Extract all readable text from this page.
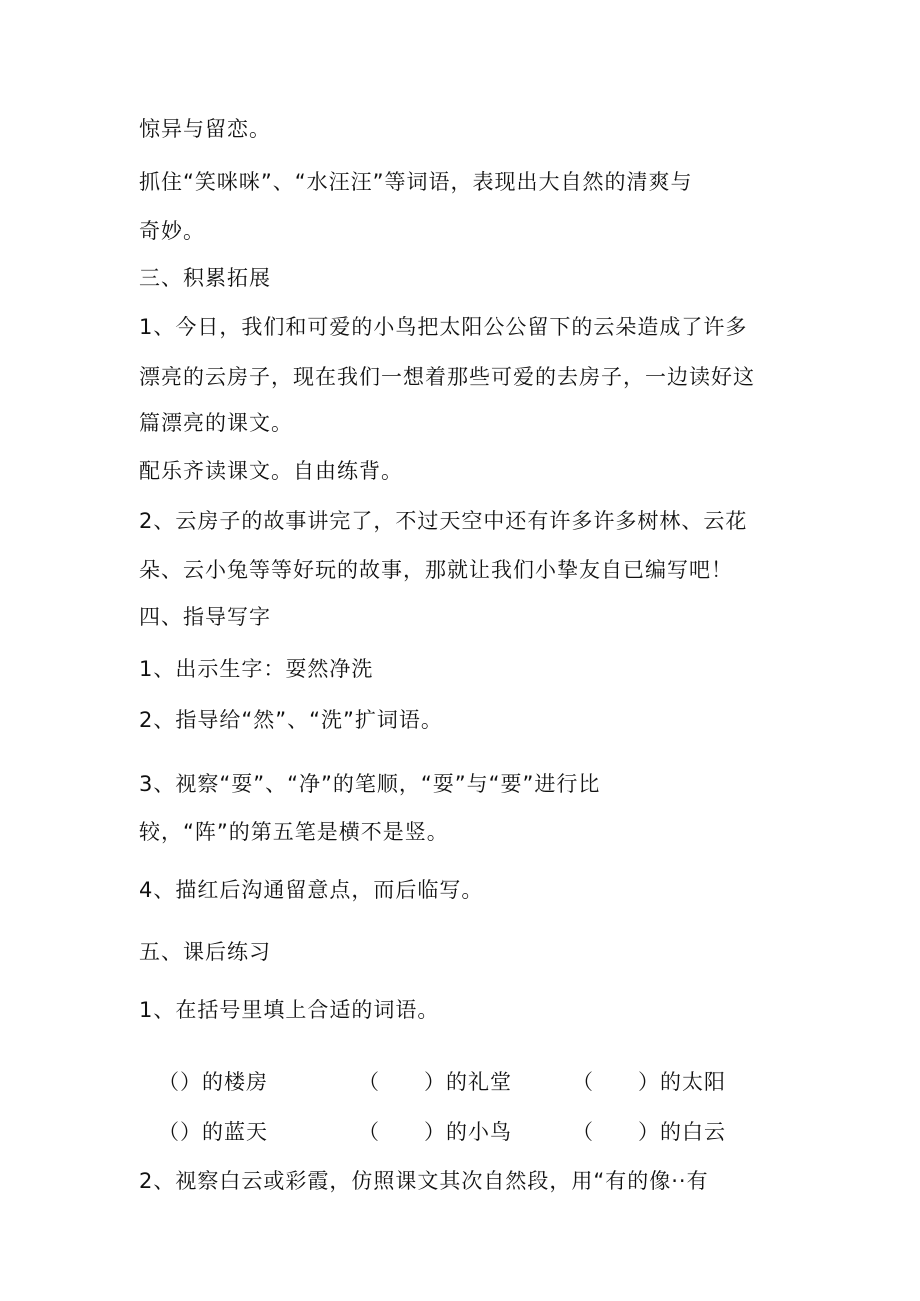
惊异与留恋。
抓住“笑咪咪”、“水汪汪”等词语，表现出大自然的清爽与
奇妙。
三、积累拓展
1、今日，我们和可爱的小鸟把太阳公公留下的云朵造成了许多
漂亮的云房子，现在我们一想着那些可爱的去房子，一边读好这
篇漂亮的课文。
配乐齐读课文。自由练背。
2、云房子的故事讲完了，不过天空中还有许多许多树林、云花
朵、云小兔等等好玩的故事，那就让我们小挚友自已编写吧！
四、指导写字
1、出示生字：耍然净洗
2、指导给“然”、“洗”扩词语。
3、视察“耍”、“净”的笔顺，“耍”与“要”进行比
较，“阵”的第五笔是横不是竖。
4、描红后沟通留意点，而后临写。
五、课后练习
1、在括号里填上合适的词语。
（）的楼房	（　　）的礼堂	（　　）的太阳
（）的蓝天	（　　）的小鸟	（　　）的白云
2、视察白云或彩霞，仿照课文其次自然段，用“有的像··有
